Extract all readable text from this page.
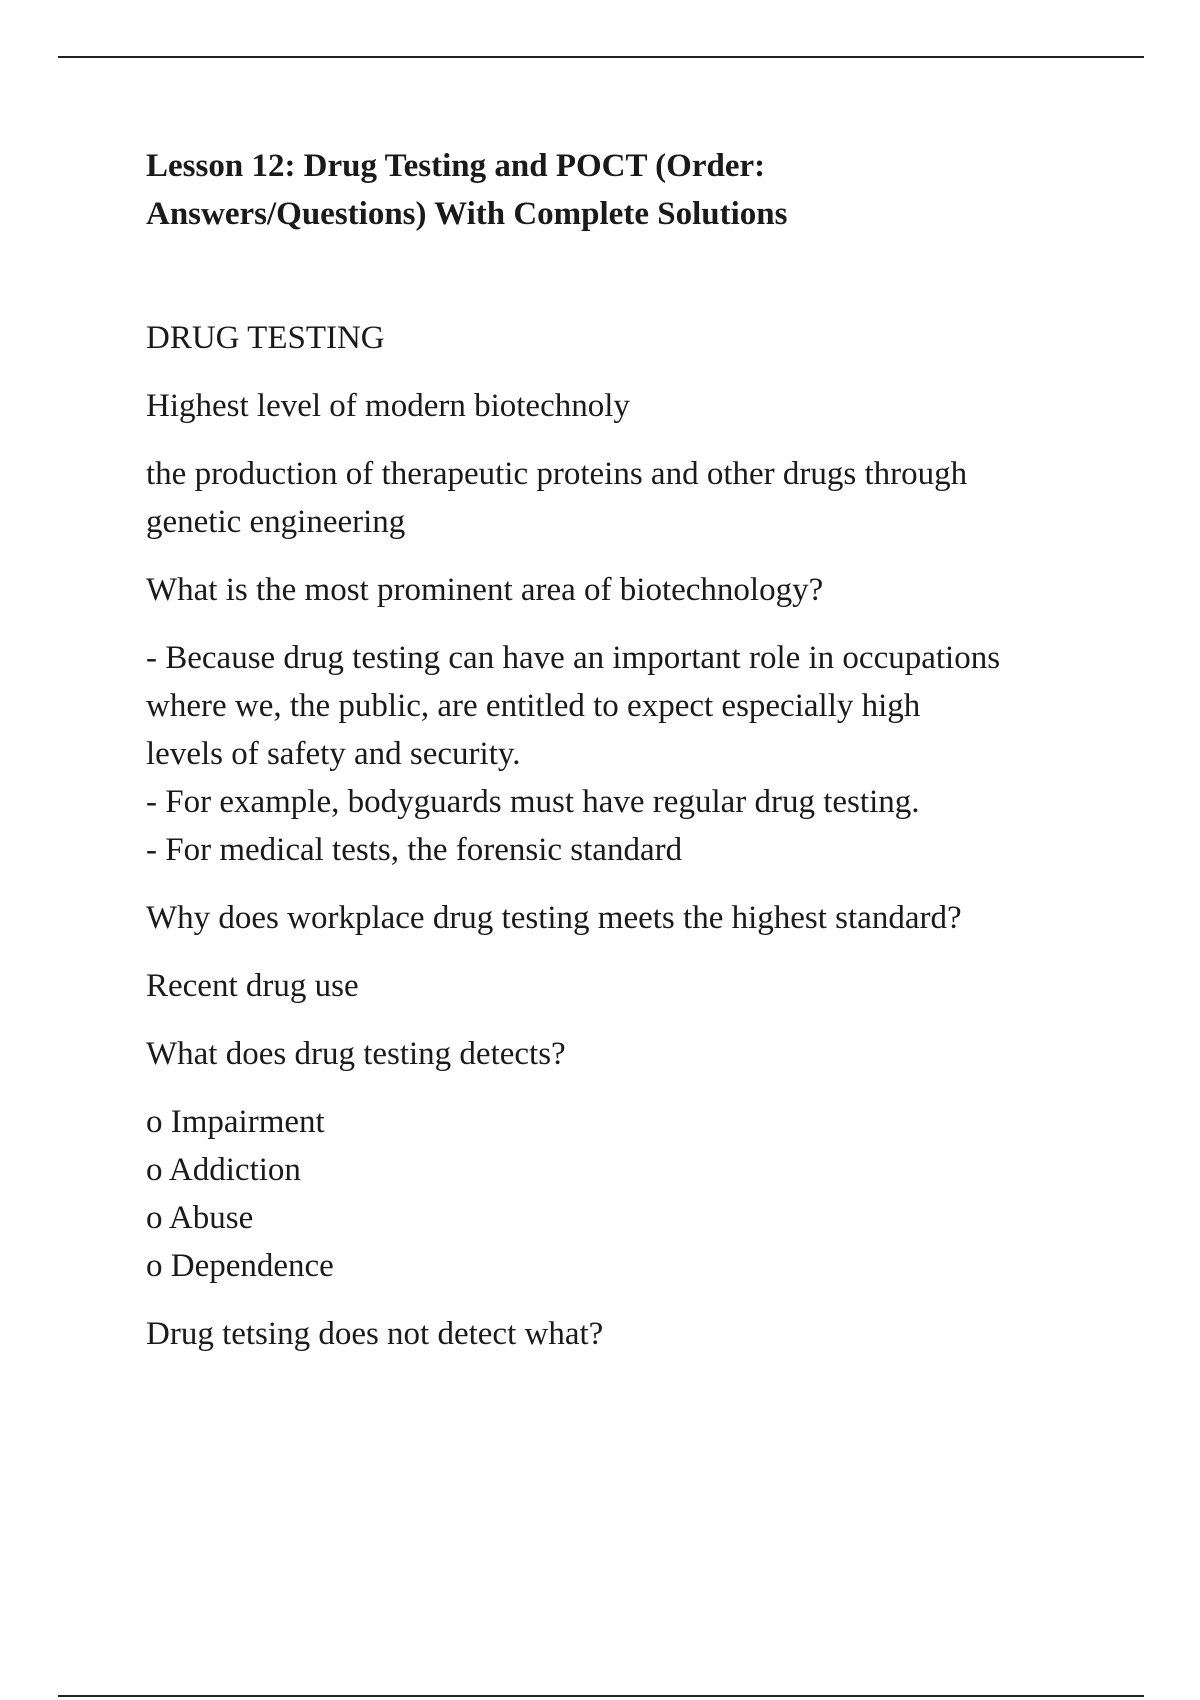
Lesson 12: Drug Testing and POCT (Order:
Answers/Questions) With Complete Solutions

DRUG TESTING

Highest level of modern biotechnoly

the production of therapeutic proteins and other drugs through
genetic engineering

What is the most prominent area of biotechnology?

- Because drug testing can have an important role in occupations
where we, the public, are entitled to expect especially high
levels of safety and security.
- For example, bodyguards must have regular drug testing.
- For medical tests, the forensic standard

Why does workplace drug testing meets the highest standard?

Recent drug use

What does drug testing detects?

o Impairment
o Addiction
o Abuse
o Dependence

Drug tetsing does not detect what?
